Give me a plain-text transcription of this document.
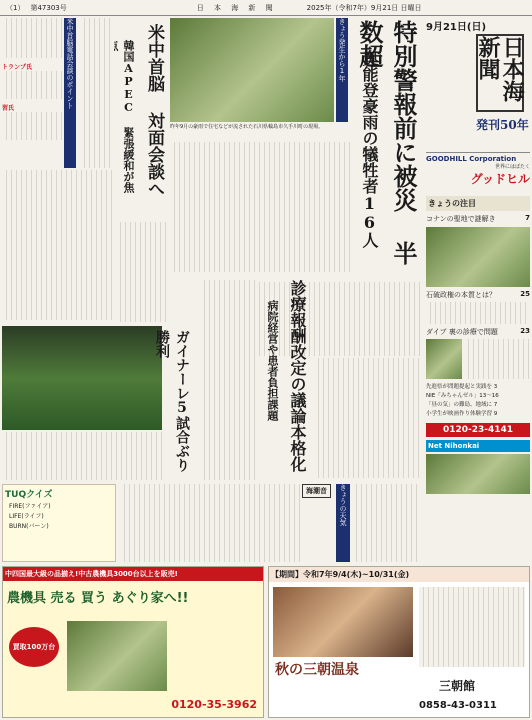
（1） 第47303号	日 本 海 新 聞	2025年（令和7年）9月21日 日曜日
9月21日(日)
日本海新聞
発刊50年
GOODHILL Corporation
世界にはばたく
グッドヒル
きょうの注目
コナンの聖地で謎解き	7
石破政権の本質とは？	25
ダイブ 裏の診療で問題	23
先進県が問題提起と実践を 3
NIE「みちゃんゼル」13〜16
「昼の気」の難島、地域に 7
小学生が映画作り体験学習 9
0120-23-4141
Net Nihonkai
トランプ氏
習氏	米中首脳電話会談のポイント	米中首脳 対面会談へ
韓国APEC 緊張緩和が焦
昨年9月の豪雨で住宅などが流された石川県輪島市久手川町の現場。
きょう発生から1年 特別警報前に被災 半数超
奥能登豪雨の犠牲者16人
診療報酬改定の議論本格化
病院経営や患者負担課題
ガイナーレ5試合ぶり勝利
TUQクイズ
FIRE(ファイア)
LIFE(ライフ)
BURN(バーン)
海潮音	きょうの天気
中四国最大級の品揃え!中古農機具3000台以上を販売!
農機具 売る 買う あぐり家へ!!
買取100万台
0120-35-3962
【期間】令和7年9/4(木)~10/31(金)
秋の三朝温泉
三朝館
0858-43-0311
